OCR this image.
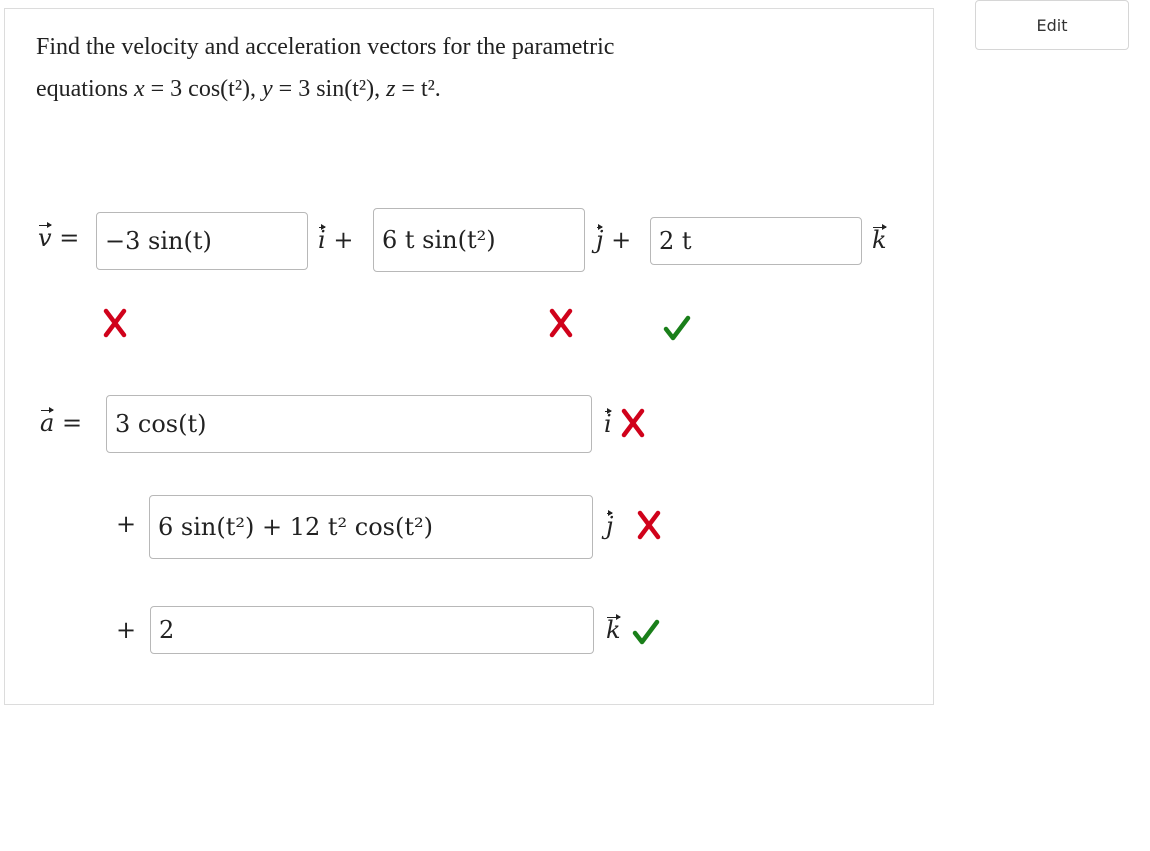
Edit
Find the velocity and acceleration vectors for the parametric
equations x = 3 cos(t²), y = 3 sin(t²), z = t².
v =	−3 sin(t)	i +	6 t sin(t²)	j +	2 t	k
a =	3 cos(t)	i
+ 6 sin(t²) + 12 t² cos(t²)	j
+ 2	k
